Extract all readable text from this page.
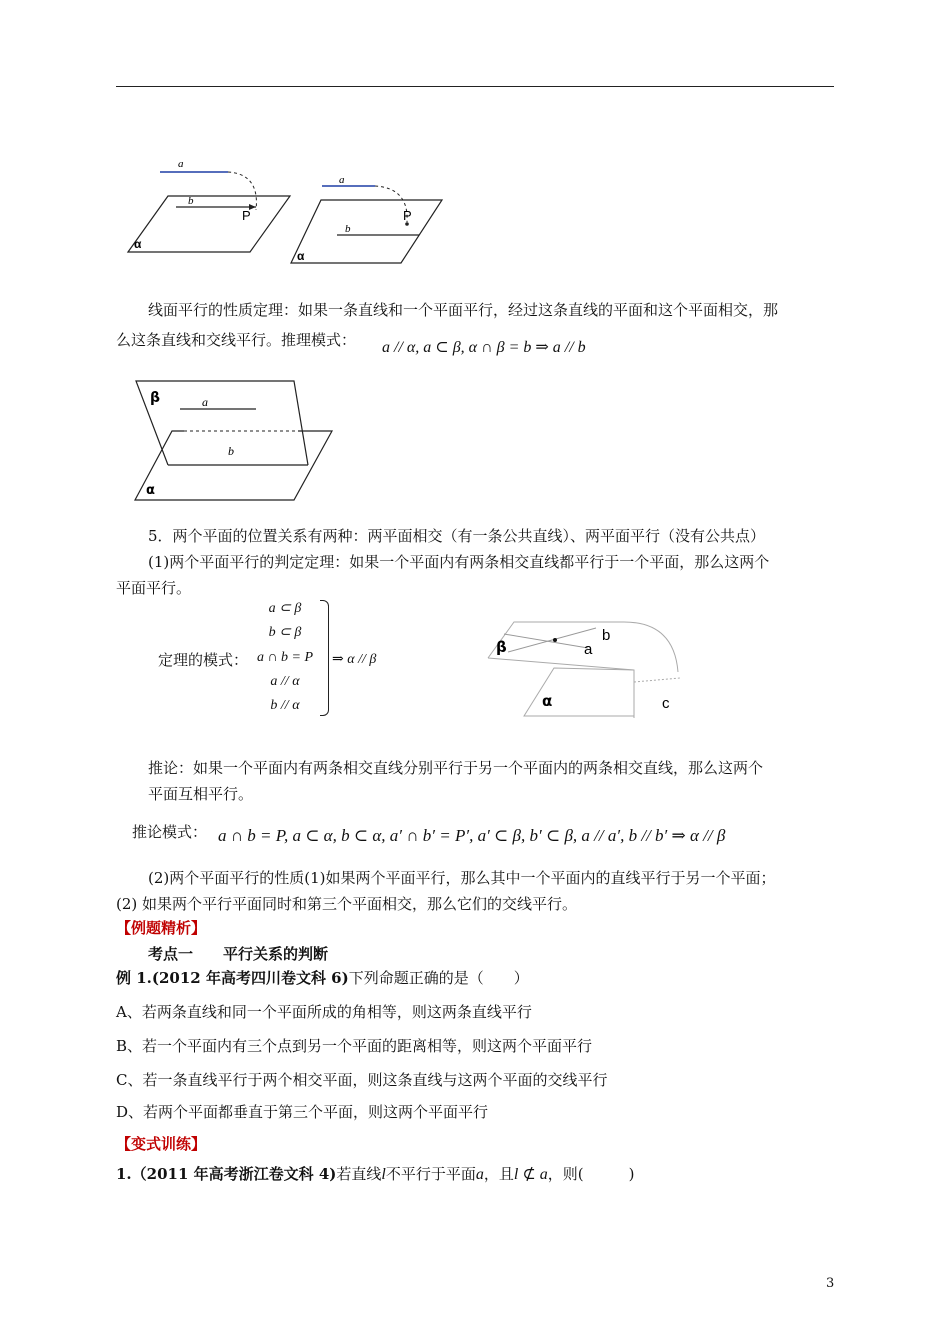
a
b
P
α
a
b
P
α
线面平行的性质定理：如果一条直线和一个平面平行，经过这条直线的平面和这个平面相交，那
么这条直线和交线平行。推理模式： a // α, a ⊂ β, α ∩ β = b ⇒ a // b
β	a
b
α
5．两个平面的位置关系有两种：两平面相交（有一条公共直线）、两平面平行（没有公共点）
(1)两个平面平行的判定定理：如果一个平面内有两条相交直线都平行于一个平面，那么这两个
平面平行。
定理的模式：
a ⊂ β
b ⊂ β
a ∩ b = P
a // α
b // α
⇒ α // β
β
b
a
α	c
推论：如果一个平面内有两条相交直线分别平行于另一个平面内的两条相交直线，那么这两个
平面互相平行。
推论模式： a ∩ b = P, a ⊂ α, b ⊂ α, a′ ∩ b′ = P′, a′ ⊂ β, b′ ⊂ β, a // a′, b // b′ ⇒ α // β
(2)两个平面平行的性质(1)如果两个平面平行，那么其中一个平面内的直线平行于另一个平面；
(2) 如果两个平行平面同时和第三个平面相交，那么它们的交线平行。
【例题精析】
考点一　　平行关系的判断
例 1.(2012 年高考四川卷文科 6)下列命题正确的是（　　）
A、若两条直线和同一个平面所成的角相等，则这两条直线平行
B、若一个平面内有三个点到另一个平面的距离相等，则这两个平面平行
C、若一条直线平行于两个相交平面，则这条直线与这两个平面的交线平行
D、若两个平面都垂直于第三个平面，则这两个平面平行
【变式训练】
1.（2011 年高考浙江卷文科 4)若直线l不平行于平面a，且l ⊄ a，则(　　　)
3
